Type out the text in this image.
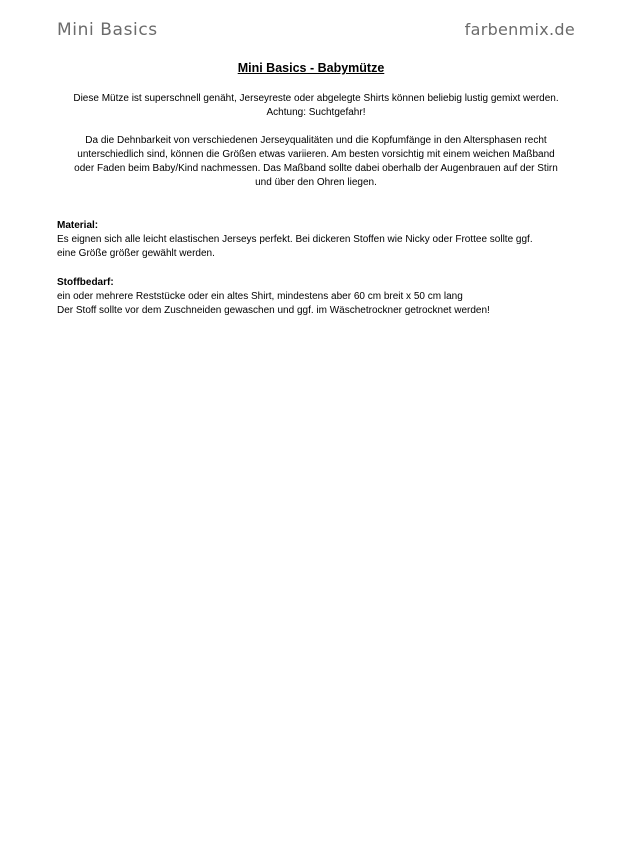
Mini Basics	farbenmix.de
Mini Basics - Babymütze

Diese Mütze ist superschnell genäht, Jerseyreste oder abgelegte Shirts können beliebig lustig gemixt werden.
Achtung: Suchtgefahr!

Da die Dehnbarkeit von verschiedenen Jerseyqualitäten und die Kopfumfänge in den Altersphasen recht
unterschiedlich sind, können die Größen etwas variieren. Am besten vorsichtig mit einem weichen Maßband
oder Faden beim Baby/Kind nachmessen. Das Maßband sollte dabei oberhalb der Augenbrauen auf der Stirn
und über den Ohren liegen.

Material:

Es eignen sich alle leicht elastischen Jerseys perfekt. Bei dickeren Stoffen wie Nicky oder Frottee sollte ggf.

eine Größe größer gewählt werden.

Stoffbedarf:

ein oder mehrere Reststücke oder ein altes Shirt, mindestens aber 60 cm breit x 50 cm lang

Der Stoff sollte vor dem Zuschneiden gewaschen und ggf. im Wäschetrockner getrocknet werden!
